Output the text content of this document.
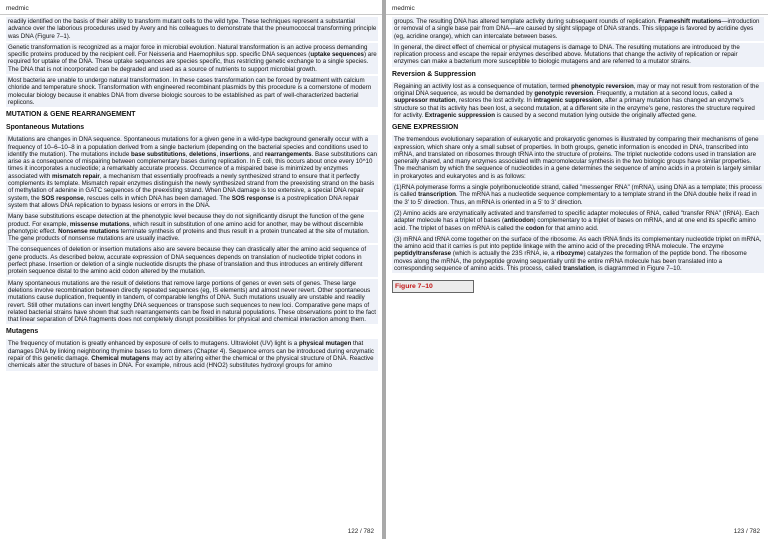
medmic
readily identified on the basis of their ability to transform mutant cells to the wild type. These techniques represent a substantial advance over the laborious procedures used by Avery and his colleagues to demonstrate that the pneumococcal transforming principle was DNA (Figure 7–1).
Genetic transformation is recognized as a major force in microbial evolution. Natural transformation is an active process demanding specific proteins produced by the recipient cell. For Neisseria and Haemophilus spp. specific DNA sequences (uptake sequences) are required for uptake of the DNA. These uptake sequences are species specific, thus restricting genetic exchange to a single species. The DNA that is not incorporated can be degraded and used as a source of nutrients to support microbial growth.
Most bacteria are unable to undergo natural transformation. In these cases transformation can be forced by treatment with calcium chloride and temperature shock. Transformation with engineered recombinant plasmids by this procedure is a cornerstone of modern molecular biology because it enables DNA from diverse biologic sources to be established as part of well-characterized bacterial replicons.
MUTATION & GENE REARRANGEMENT
Spontaneous Mutations
Mutations are changes in DNA sequence. Spontaneous mutations for a given gene in a wild-type background generally occur with a frequency of 10–6–10–8 in a population derived from a single bacterium (depending on the bacterial species and conditions used to identify the mutation). The mutations include base substitutions, deletions, insertions, and rearrangements. Base substitutions can arise as a consequence of mispairing between complementary bases during replication. In E coli, this occurs about once every 10^10 times it incorporates a nucleotide; a remarkably accurate process. Occurrence of a mispaired base is minimized by enzymes associated with mismatch repair, a mechanism that essentially proofreads a newly synthesized strand to ensure that it perfectly complements its template. Mismatch repair enzymes distinguish the newly synthesized strand from the preexisting strand on the basis of methylation of adenine in GATC sequences of the preexisting strand. When DNA damage is too extensive, a special DNA repair system, the SOS response, rescues cells in which DNA has been damaged. The SOS response is a postreplication DNA repair system that allows DNA replication to bypass lesions or errors in the DNA.
Many base substitutions escape detection at the phenotypic level because they do not significantly disrupt the function of the gene product. For example, missense mutations, which result in substitution of one amino acid for another, may be without discernible phenotypic effect. Nonsense mutations terminate synthesis of proteins and thus result in a protein truncated at the site of mutation. The gene products of nonsense mutations are usually inactive.
The consequences of deletion or insertion mutations also are severe because they can drastically alter the amino acid sequence of gene products. As described below, accurate expression of DNA sequences depends on translation of nucleotide triplet codons in perfect phase. Insertion or deletion of a single nucleotide disrupts the phase of translation and thus introduces an entirely different protein sequence distal to the amino acid codon altered by the mutation.
Many spontaneous mutations are the result of deletions that remove large portions of genes or even sets of genes. These large deletions involve recombination between directly repeated sequences (eg, IS elements) and almost never revert. Other spontaneous mutations cause duplication, frequently in tandem, of comparable lengths of DNA. Such mutations usually are unstable and readily revert. Still other mutations can invert lengthy DNA sequences or transpose such sequences to new loci. Comparative gene maps of related bacterial strains have shown that such rearrangements can be fixed in natural populations. These observations point to the fact that linear separation of DNA fragments does not completely disrupt possibilities for physical and chemical interaction among them.
Mutagens
The frequency of mutation is greatly enhanced by exposure of cells to mutagens. Ultraviolet (UV) light is a physical mutagen that damages DNA by linking neighboring thymine bases to form dimers (Chapter 4). Sequence errors can be introduced during enzymatic repair of this genetic damage. Chemical mutagens may act by altering either the chemical or the physical structure of DNA. Reactive chemicals alter the structure of bases in DNA. For example, nitrous acid (HNO2) substitutes hydroxyl groups for amino
122 / 782
medmic
groups. The resulting DNA has altered template activity during subsequent rounds of replication. Frameshift mutations—introduction or removal of a single base pair from DNA—are caused by slight slippage of DNA strands. This slippage is favored by acridine dyes (eg, acridine orange), which can intercalate between bases.
In general, the direct effect of chemical or physical mutagens is damage to DNA. The resulting mutations are introduced by the replication process and escape the repair enzymes described above. Mutations that change the activity of replication or repair enzymes can make a bacterium more susceptible to biologic mutagens and are referred to a mutator strains.
Reversion & Suppression
Regaining an activity lost as a consequence of mutation, termed phenotypic reversion, may or may not result from restoration of the original DNA sequence, as would be demanded by genotypic reversion. Frequently, a mutation at a second locus, called a suppressor mutation, restores the lost activity. In intragenic suppression, after a primary mutation has changed an enzyme's structure so that its activity has been lost, a second mutation, at a different site in the enzyme's gene, restores the structure required for activity. Extragenic suppression is caused by a second mutation lying outside the originally affected gene.
GENE EXPRESSION
The tremendous evolutionary separation of eukaryotic and prokaryotic genomes is illustrated by comparing their mechanisms of gene expression, which share only a small subset of properties. In both groups, genetic information is encoded in DNA, transcribed into mRNA, and translated on ribosomes through tRNA into the structure of proteins. The triplet nucleotide codons used in translation are generally shared, and many enzymes associated with macromolecular synthesis in the two biologic groups have similar properties. The mechanism by which the sequence of nucleotides in a gene determines the sequence of amino acids in a protein is largely similar in prokaryotes and eukaryotes and is as follows:
(1)RNA polymerase forms a single polyribonucleotide strand, called "messenger RNA" (mRNA), using DNA as a template; this process is called transcription. The mRNA has a nucleotide sequence complementary to a template strand in the DNA double helix if read in the 3' to 5' direction. Thus, an mRNA is oriented in a 5' to 3' direction.
(2) Amino acids are enzymatically activated and transferred to specific adapter molecules of RNA, called "transfer RNA" (tRNA). Each adapter molecule has a triplet of bases (anticodon) complementary to a triplet of bases on mRNA, and at one end its specific amino acid. The triplet of bases on mRNA is called the codon for that amino acid.
(3) mRNA and tRNA come together on the surface of the ribosome. As each tRNA finds its complementary nucleotide triplet on mRNA, the amino acid that it carries is put into peptide linkage with the amino acid of the preceding tRNA molecule. The enzyme peptidyltransferase (which is actually the 23S rRNA, ie, a ribozyme) catalyzes the formation of the peptide bond. The ribosome moves along the mRNA, the polypeptide growing sequentially until the entire mRNA molecule has been translated into a corresponding sequence of amino acids. This process, called translation, is diagrammed in Figure 7–10.
Figure 7–10
123 / 782
